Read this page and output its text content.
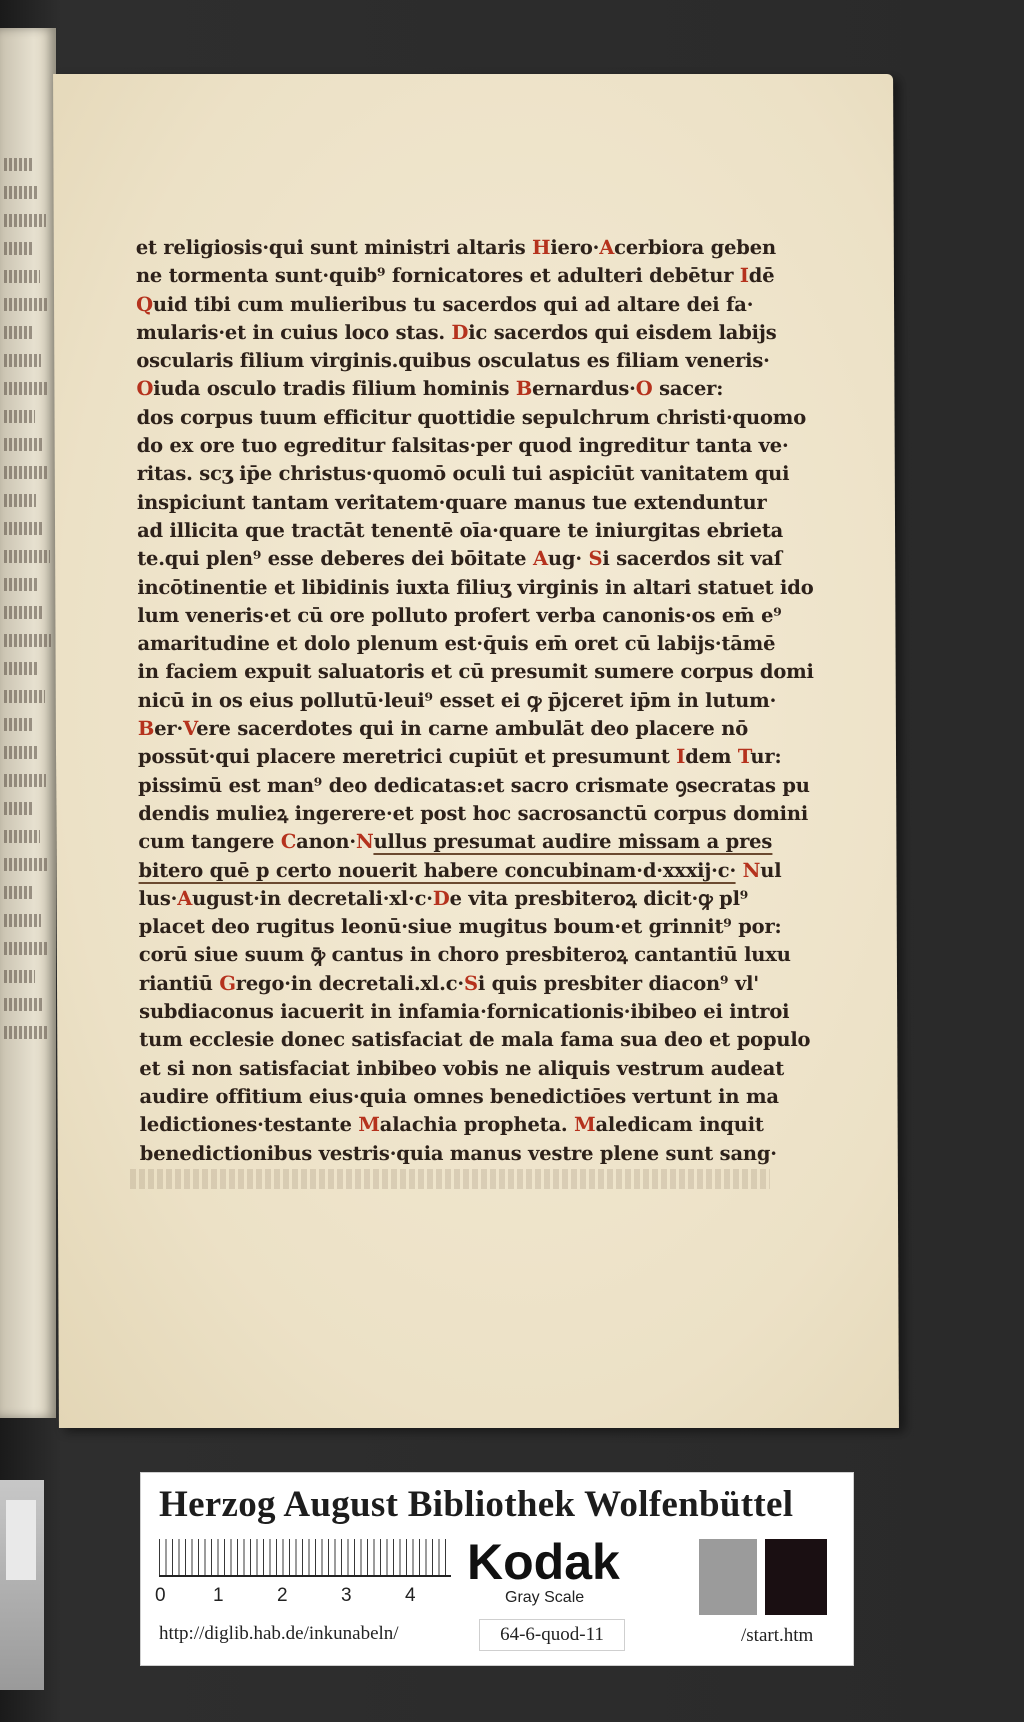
et religiosis·qui sunt ministri altaris Hiero·Acerbiora geben
ne tormenta sunt·quib⁹ fornicatores et adulteri debētur Idē
Quid tibi cum mulieribus tu sacerdos qui ad altare dei fa·
mularis·et in cuius loco stas. Dic sacerdos qui eisdem labijs
oscularis filium virginis.quibus osculatus es filiam veneris·
Oiuda osculo tradis filium hominis Bernardus·O sacer:
dos corpus tuum efficitur quottidie sepulchrum christi·quomo
do ex ore tuo egreditur falsitas·per quod ingreditur tanta ve·
ritas. scʒ ip̄e christus·quomō oculi tui aspiciūt vanitatem qui
inspiciunt tantam veritatem·quare manus tue extenduntur
ad illicita que tractāt tenentē oīa·quare te iniurgitas ebrieta
te.qui plen⁹ esse deberes dei bōitate Aug· Si sacerdos sit vaſ
incōtinentie et libidinis iuxta filiuʒ virginis in altari statuet ido
lum veneris·et cū ore polluto profert verba canonis·os em̄ e⁹
amaritudine et dolo plenum est·q̄uis em̄ oret cū labijs·tāmē
in faciem expuit saluatoris et cū presumit sumere corpus domi
nicū in os eius pollutū·leui⁹ esset ei ꝙ p̄jceret ip̄m in lutum·
Ber·Vere sacerdotes qui in carne ambulāt deo placere nō
possūt·qui placere meretrici cupiūt et presumunt Idem Tur:
pissimū est man⁹ deo dedicatas:et sacro crismate ꝯsecratas pu
dendis mulieꝝ ingerere·et post hoc sacrosanctū corpus domini
cum tangere Canon·Nullus presumat audire missam a pres
bitero quē p certo nouerit habere concubinam·d·xxxij·c· Nul
lus·August·in decretali·xl·c·De vita presbiteroꝝ dicit·ꝙ pl⁹
placet deo rugitus leonū·siue mugitus boum·et grinnit⁹ por:
corū siue suum ꝙ̄ cantus in choro presbiteroꝝ cantantiū luxu
riantiū Grego·in decretali.xl.c·Si quis presbiter diacon⁹ vl'
subdiaconus iacuerit in infamia·fornicationis·ibibeo ei introi
tum ecclesie donec satisfaciat de mala fama sua deo et populo
et si non satisfaciat inbibeo vobis ne aliquis vestrum audeat
audire offitium eius·quia omnes benedictiōes vertunt in ma
ledictiones·testante Malachia propheta. Maledicam inquit
benedictionibus vestris·quia manus vestre plene sunt sang·
Herzog August Bibliothek Wolfenbüttel
0 1	2	3	4
Kodak
Gray Scale
http://diglib.hab.de/inkunabeln/	64-6-quod-11	/start.htm
